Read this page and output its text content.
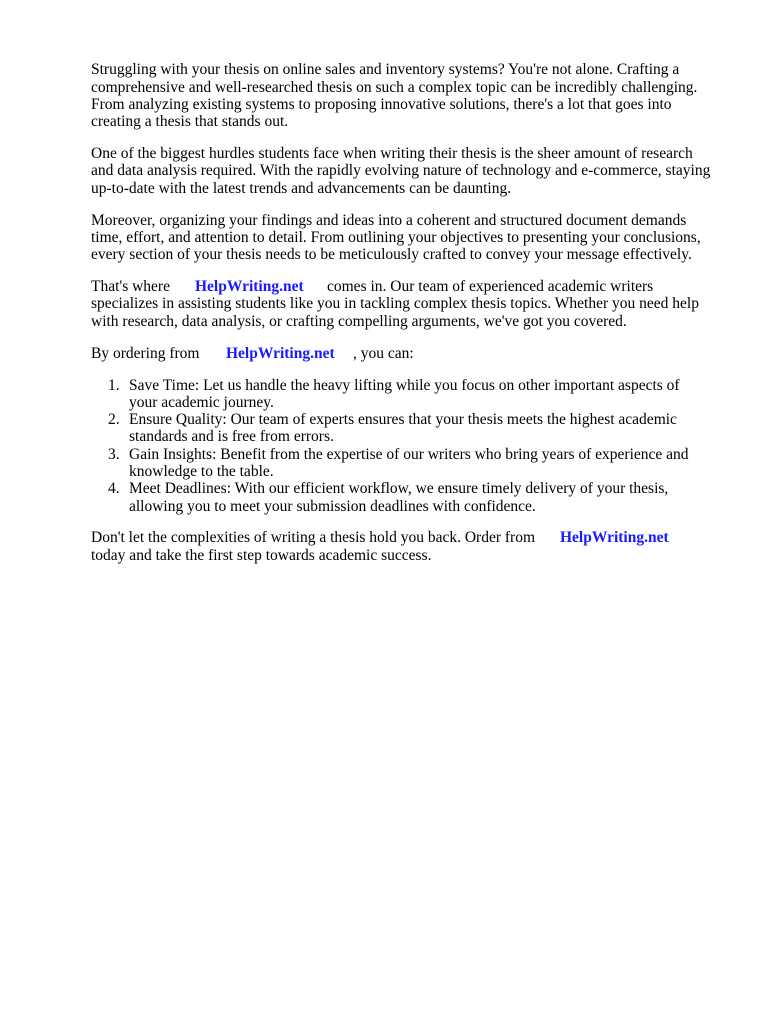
Struggling with your thesis on online sales and inventory systems? You're not alone. Crafting a
comprehensive and well-researched thesis on such a complex topic can be incredibly challenging.
From analyzing existing systems to proposing innovative solutions, there's a lot that goes into
creating a thesis that stands out.
One of the biggest hurdles students face when writing their thesis is the sheer amount of research
and data analysis required. With the rapidly evolving nature of technology and e-commerce, staying
up-to-date with the latest trends and advancements can be daunting.
Moreover, organizing your findings and ideas into a coherent and structured document demands
time, effort, and attention to detail. From outlining your objectives to presenting your conclusions,
every section of your thesis needs to be meticulously crafted to convey your message effectively.
That's where HelpWriting.net comes in. Our team of experienced academic writers
specializes in assisting students like you in tackling complex thesis topics. Whether you need help
with research, data analysis, or crafting compelling arguments, we've got you covered.
By ordering from HelpWriting.net , you can:
1. Save Time: Let us handle the heavy lifting while you focus on other important aspects of
your academic journey.
2. Ensure Quality: Our team of experts ensures that your thesis meets the highest academic
standards and is free from errors.
3. Gain Insights: Benefit from the expertise of our writers who bring years of experience and
knowledge to the table.
4. Meet Deadlines: With our efficient workflow, we ensure timely delivery of your thesis,
allowing you to meet your submission deadlines with confidence.
Don't let the complexities of writing a thesis hold you back. Order from HelpWriting.net
today and take the first step towards academic success.
